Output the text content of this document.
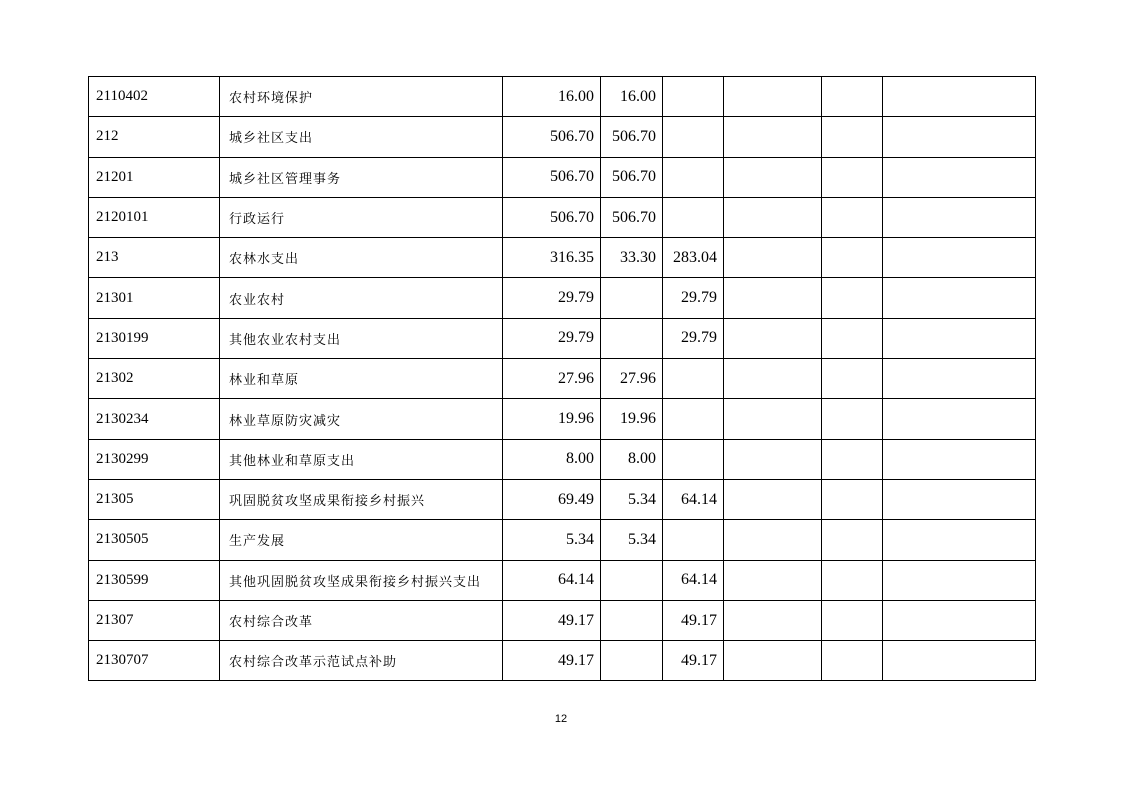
2110402	农村环境保护	16.00	16.00				
212	城乡社区支出	506.70	506.70				
21201	城乡社区管理事务	506.70	506.70				
2120101	行政运行	506.70	506.70				
213	农林水支出	316.35	33.30	283.04			
21301	农业农村	29.79		29.79			
2130199	其他农业农村支出	29.79		29.79			
21302	林业和草原	27.96	27.96				
2130234	林业草原防灾减灾	19.96	19.96				
2130299	其他林业和草原支出	8.00	8.00				
21305	巩固脱贫攻坚成果衔接乡村振兴	69.49	5.34	64.14			
2130505	生产发展	5.34	5.34				
2130599	其他巩固脱贫攻坚成果衔接乡村振兴支出	64.14		64.14			
21307	农村综合改革	49.17		49.17			
2130707	农村综合改革示范试点补助	49.17		49.17			
12
